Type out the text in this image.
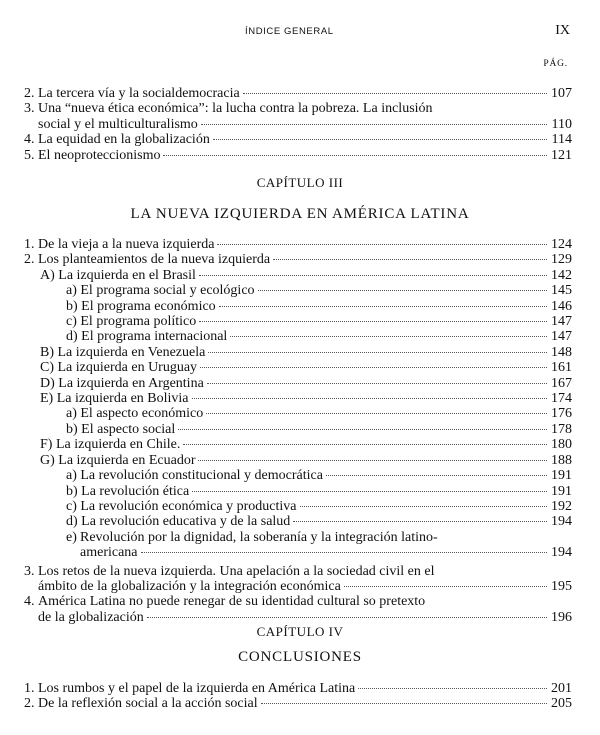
ÍNDICE GENERAL	IX
PÁG.
2. La tercera vía y la socialdemocracia	107
3. Una “nueva ética económica”: la lucha contra la pobreza. La inclusión
social y el multiculturalismo	110
4. La equidad en la globalización	114
5. El neoproteccionismo	121
CAPÍTULO III
LA NUEVA IZQUIERDA EN AMÉRICA LATINA
1. De la vieja a la nueva izquierda	124
2. Los planteamientos de la nueva izquierda	129
A) La izquierda en el Brasil	142
a) El programa social y ecológico	145
b) El programa económico	146
c) El programa político	147
d) El programa internacional	147
B) La izquierda en Venezuela	148
C) La izquierda en Uruguay	161
D) La izquierda en Argentina	167
E) La izquierda en Bolivia	174
a) El aspecto económico	176
b) El aspecto social	178
F) La izquierda en Chile.	180
G) La izquierda en Ecuador	188
a) La revolución constitucional y democrática	191
b) La revolución ética	191
c) La revolución económica y productiva	192
d) La revolución educativa y de la salud	194
e) Revolución por la dignidad, la soberanía y la integración latino-
americana	194
3. Los retos de la nueva izquierda. Una apelación a la sociedad civil en el
ámbito de la globalización y la integración económica	195
4. América Latina no puede renegar de su identidad cultural so pretexto
de la globalización	196
CAPÍTULO IV
CONCLUSIONES
1. Los rumbos y el papel de la izquierda en América Latina	201
2. De la reflexión social a la acción social	205
